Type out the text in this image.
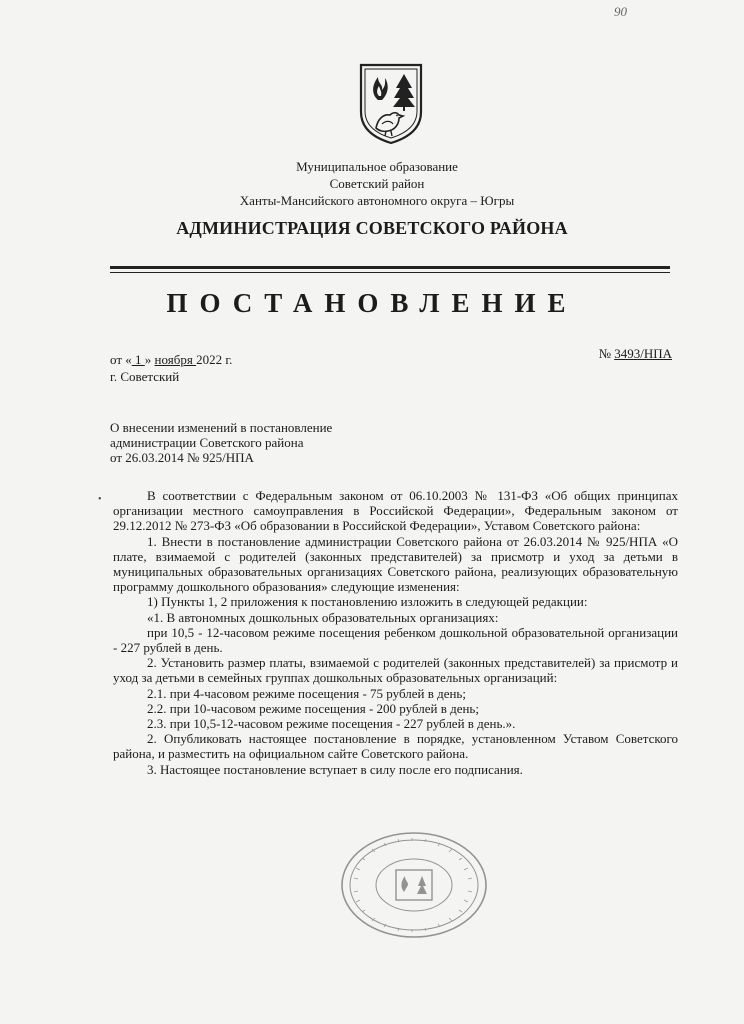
90
Муниципальное образование
Советский район
Ханты-Мансийского автономного округа – Югры
АДМИНИСТРАЦИЯ СОВЕТСКОГО РАЙОНА
ПОСТАНОВЛЕНИЕ
от « 1 » ноября 2022 г.	№ 3493/НПА
г. Советский
О внесении изменений в постановление
администрации Советского района
от 26.03.2014 № 925/НПА
•	В соответствии с Федеральным законом от 06.10.2003 № 131-ФЗ «Об общих принципах организации местного самоуправления в Российской Федерации», Федеральным законом от 29.12.2012 № 273-ФЗ «Об образовании в Российской Федерации», Уставом Советского района:

1. Внести в постановление администрации Советского района от 26.03.2014 № 925/НПА «О плате, взимаемой с родителей (законных представителей) за присмотр и уход за детьми в муниципальных образовательных организациях Советского района, реализующих образовательную программу дошкольного образования» следующие изменения:

1) Пункты 1, 2 приложения к постановлению изложить в следующей редакции:

«1. В автономных дошкольных образовательных организациях:

при 10,5 - 12-часовом режиме посещения ребенком дошкольной образовательной организации - 227 рублей в день.

2. Установить размер платы, взимаемой с родителей (законных представителей) за присмотр и уход за детьми в семейных группах дошкольных образовательных организаций:

2.1. при 4-часовом режиме посещения - 75 рублей в день;

2.2. при 10-часовом режиме посещения - 200 рублей в день;

2.3. при 10,5-12-часовом режиме посещения - 227 рублей в день.».

2. Опубликовать настоящее постановление в порядке, установленном Уставом Советского района, и разместить на официальном сайте Советского района.

3. Настоящее постановление вступает в силу после его подписания.
